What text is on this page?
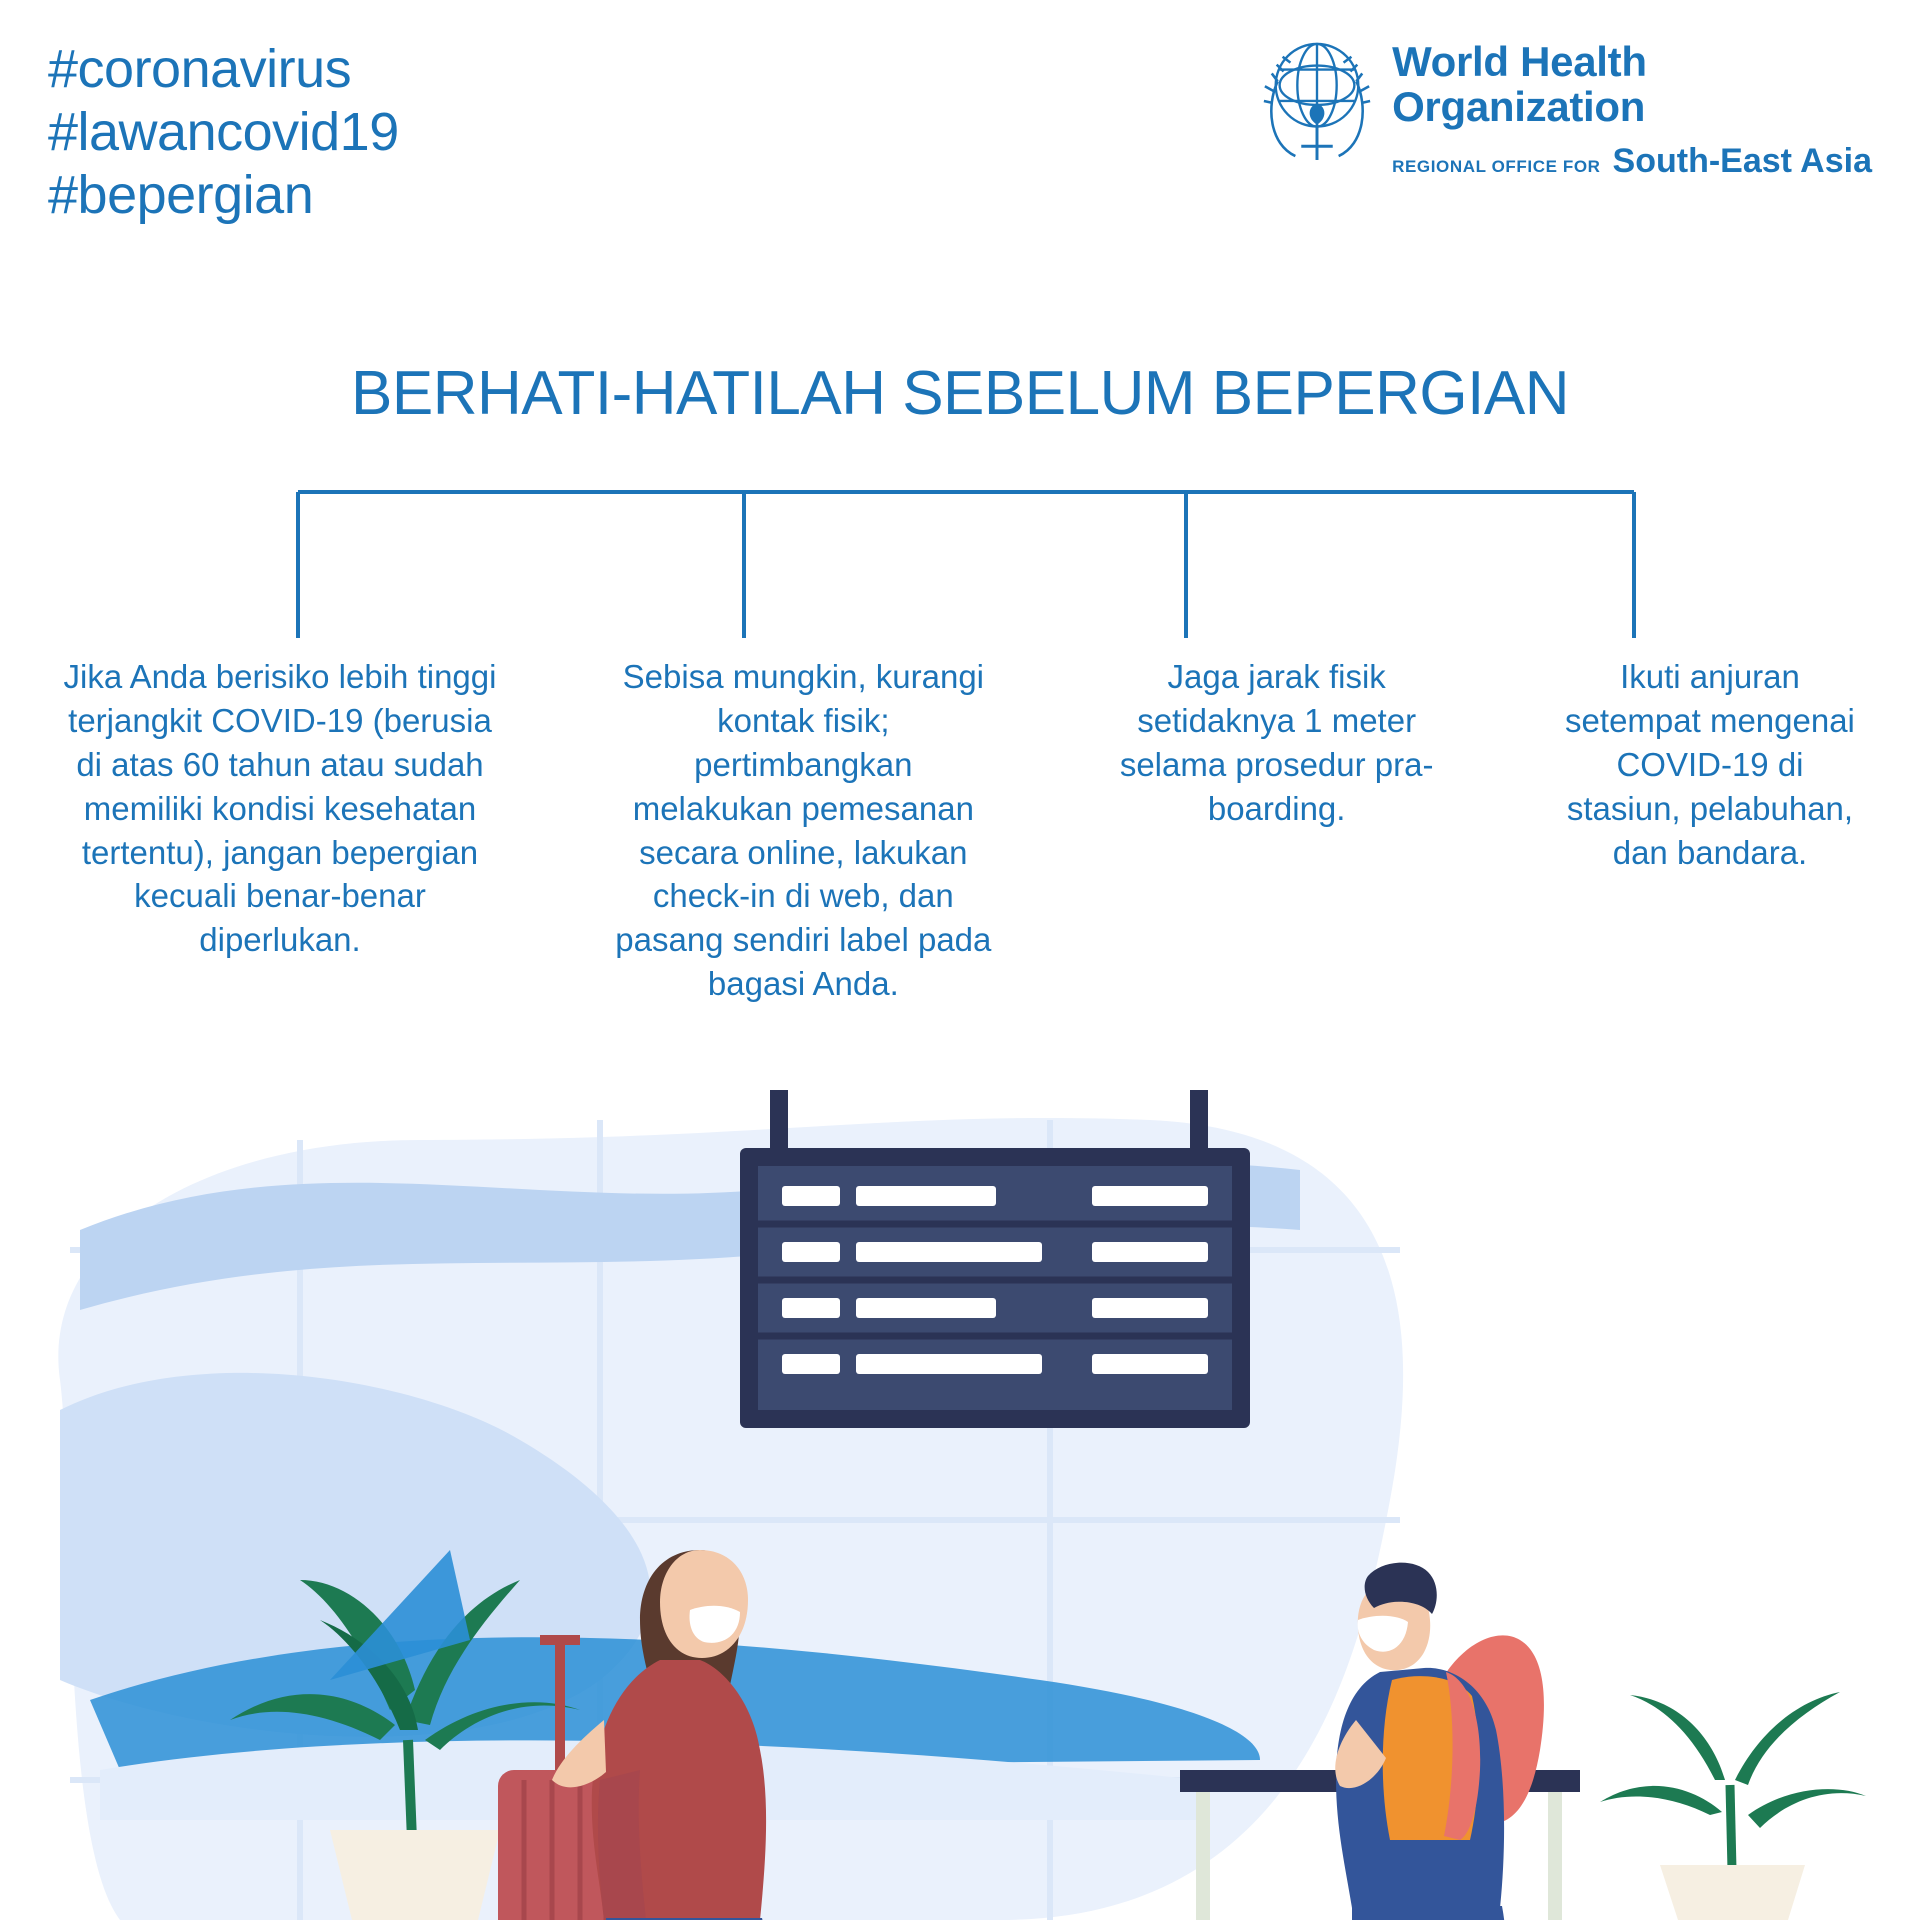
#coronavirus
#lawancovid19
#bepergian
World Health
Organization
REGIONAL OFFICE FOR South-East Asia
BERHATI-HATILAH SEBELUM BEPERGIAN
Jika Anda berisiko lebih tinggi terjangkit COVID-19 (berusia di atas 60 tahun atau sudah memiliki kondisi kesehatan tertentu), jangan bepergian kecuali benar-benar diperlukan.
Sebisa mungkin, kurangi kontak fisik; pertimbangkan melakukan pemesanan secara online, lakukan check-in di web, dan pasang sendiri label pada bagasi Anda.
Jaga jarak fisik setidaknya 1 meter selama prosedur pra-boarding.
Ikuti anjuran setempat mengenai COVID-19 di stasiun, pelabuhan, dan bandara.
